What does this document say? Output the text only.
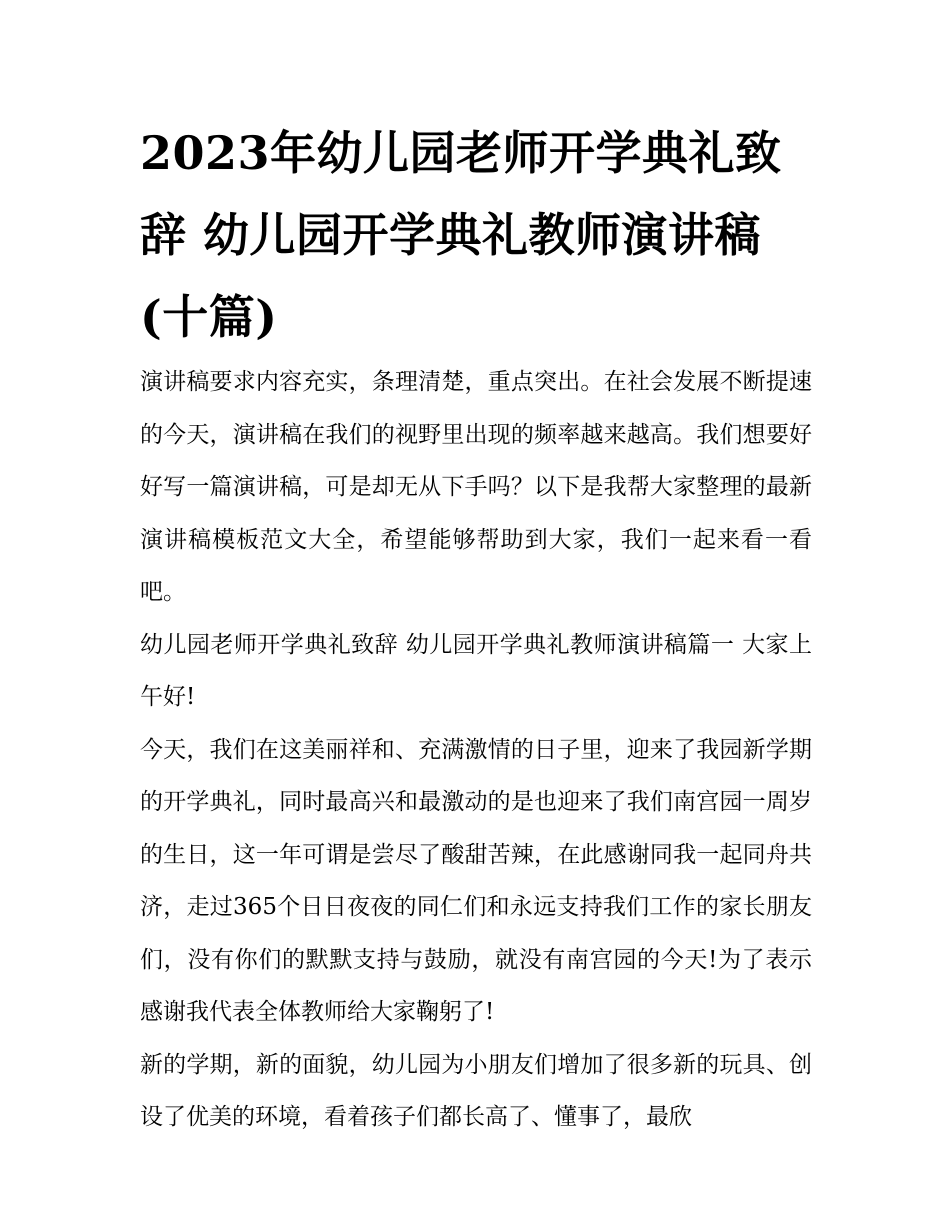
2023年幼儿园老师开学典礼致辞 幼儿园开学典礼教师演讲稿(十篇)

演讲稿要求内容充实，条理清楚，重点突出。在社会发展不断提速的今天，演讲稿在我们的视野里出现的频率越来越高。我们想要好好写一篇演讲稿，可是却无从下手吗？以下是我帮大家整理的最新演讲稿模板范文大全，希望能够帮助到大家，我们一起来看一看吧。

幼儿园老师开学典礼致辞 幼儿园开学典礼教师演讲稿篇一 大家上午好!

今天，我们在这美丽祥和、充满激情的日子里，迎来了我园新学期的开学典礼，同时最高兴和最激动的是也迎来了我们南宫园一周岁的生日，这一年可谓是尝尽了酸甜苦辣，在此感谢同我一起同舟共济，走过365个日日夜夜的同仁们和永远支持我们工作的家长朋友们，没有你们的默默支持与鼓励，就没有南宫园的今天!为了表示感谢我代表全体教师给大家鞠躬了!

新的学期，新的面貌，幼儿园为小朋友们增加了很多新的玩具、创设了优美的环境，看着孩子们都长高了、懂事了，最欣
